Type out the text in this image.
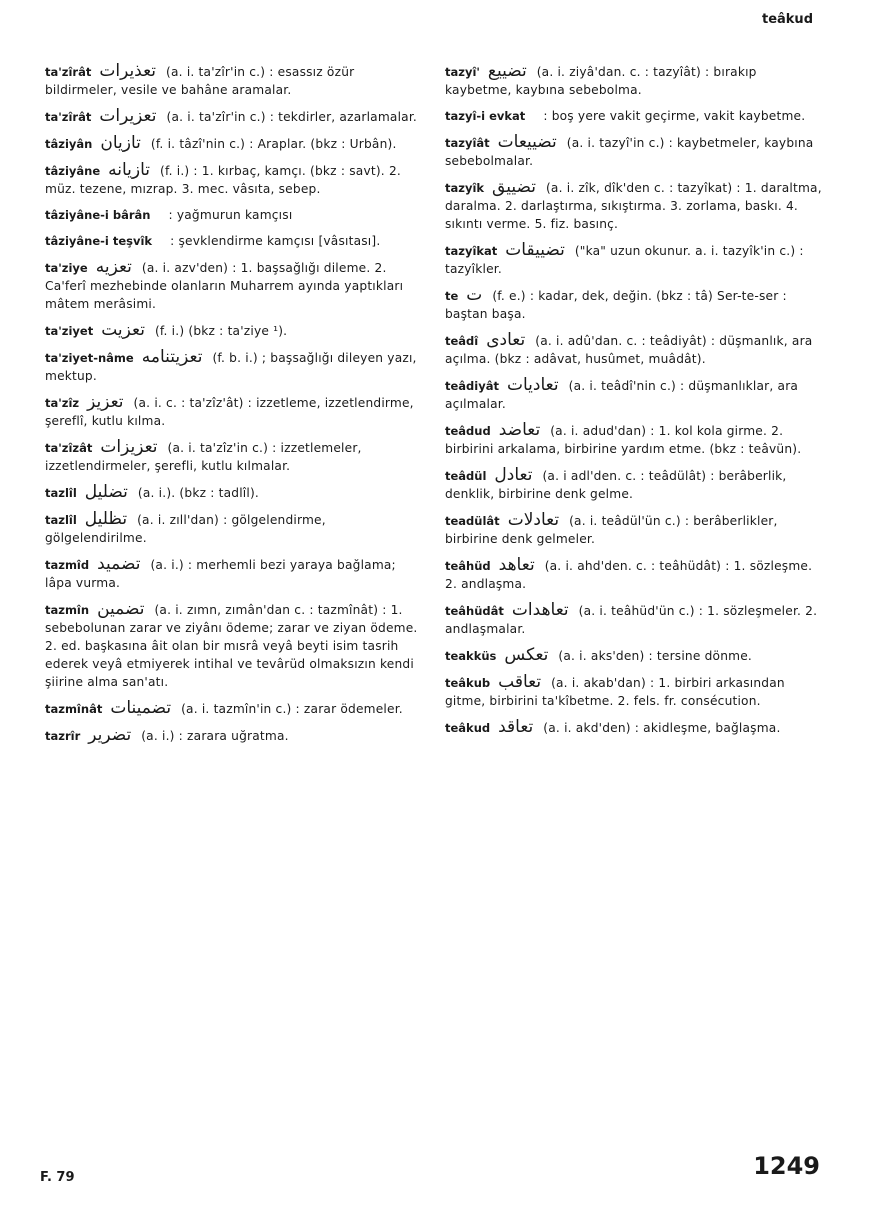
teâkud
ta'zîrât تعذيرات (a. i. ta'zîr'in c.) : esassız özür bildirmeler, vesile ve bahâne aramalar.
ta'zîrât تعزيرات (a. i. ta'zîr'in c.) : tekdirler, azarlamalar.
tâziyân تازيان (f. i. tâzî'nin c.) : Araplar. (bkz : Urbân).
tâziyâne تازيانه (f. i.) : 1. kırbaç, kamçı. (bkz : savt). 2. müz. tezene, mızrap. 3. mec. vâsıta, sebep.
tâziyâne-i bârân : yağmurun kamçısı
tâziyâne-i teşvîk : şevklendirme kamçısı [vâsıtası].
ta'ziye تعزيه (a. i. azv'den) : 1. başsağlığı dileme. 2. Ca'ferî mezhebinde olanların Muharrem ayında yaptıkları mâtem merâsimi.
ta'ziyet تعزيت (f. i.) (bkz : ta'ziye ¹).
ta'ziyet-nâme تعزيتنامه (f. b. i.) ; başsağlığı dileyen yazı, mektup.
ta'zîz تعزيز (a. i. c. : ta'zîz'ât) : izzetleme, izzetlendirme, şereflî, kutlu kılma.
ta'zîzât تعزيزات (a. i. ta'zîz'in c.) : izzetlemeler, izzetlendirmeler, şerefli, kutlu kılmalar.
tazlîl تضليل (a. i.). (bkz : tadlîl).
tazlîl تظليل (a. i. zıll'dan) : gölgelendirme, gölgelendirilme.
tazmîd تضميد (a. i.) : merhemli bezi yaraya bağlama; lâpa vurma.
tazmîn تضمين (a. i. zımn, zımân'dan c. : tazmînât) : 1. sebebolunan zarar ve ziyânı ödeme; zarar ve ziyan ödeme. 2. ed. başkasına âit olan bir mısrâ veyâ beyti isim tasrih ederek veyâ etmiyerek intihal ve tevârüd olmaksızın kendi şiirine alma san'atı.
tazmînât تضمينات (a. i. tazmîn'in c.) : zarar ödemeler.
tazrîr تضرير (a. i.) : zarara uğratma.
tazyî' تضييع (a. i. ziyâ'dan. c. : tazyîât) : bırakıp kaybetme, kaybına sebebolma.
tazyî-i evkat : boş yere vakit geçirme, vakit kaybetme.
tazyîât تضييعات (a. i. tazyî'in c.) : kaybetmeler, kaybına sebebolmalar.
tazyîk تضييق (a. i. zîk, dîk'den c. : tazyîkat) : 1. daraltma, daralma. 2. darlaştırma, sıkıştırma. 3. zorlama, baskı. 4. sıkıntı verme. 5. fiz. basınç.
tazyîkat تضييقات ("ka" uzun okunur. a. i. tazyîk'in c.) : tazyîkler.
te ت (f. e.) : kadar, dek, değin. (bkz : tâ) Ser-te-ser : baştan başa.
teâdî تعادى (a. i. adû'dan. c. : teâdiyât) : düşmanlık, ara açılma. (bkz : adâvat, husûmet, muâdât).
teâdiyât تعاديات (a. i. teâdî'nin c.) : düşmanlıklar, ara açılmalar.
teâdud تعاضد (a. i. adud'dan) : 1. kol kola girme. 2. birbirini arkalama, birbirine yardım etme. (bkz : teâvün).
teâdül تعادل (a. i adl'den. c. : teâdülât) : berâberlik, denklik, birbirine denk gelme.
teadülât تعادلات (a. i. teâdül'ün c.) : berâberlikler, birbirine denk gelmeler.
teâhüd تعاهد (a. i. ahd'den. c. : teâhüdât) : 1. sözleşme. 2. andlaşma.
teâhüdât تعاهدات (a. i. teâhüd'ün c.) : 1. sözleşmeler. 2. andlaşmalar.
teakküs تعكس (a. i. aks'den) : tersine dönme.
teâkub تعاقب (a. i. akab'dan) : 1. birbiri arkasından gitme, birbirini ta'kîbetme. 2. fels. fr. consécution.
teâkud تعاقد (a. i. akd'den) : akidleşme, bağlaşma.
F. 79	1249
